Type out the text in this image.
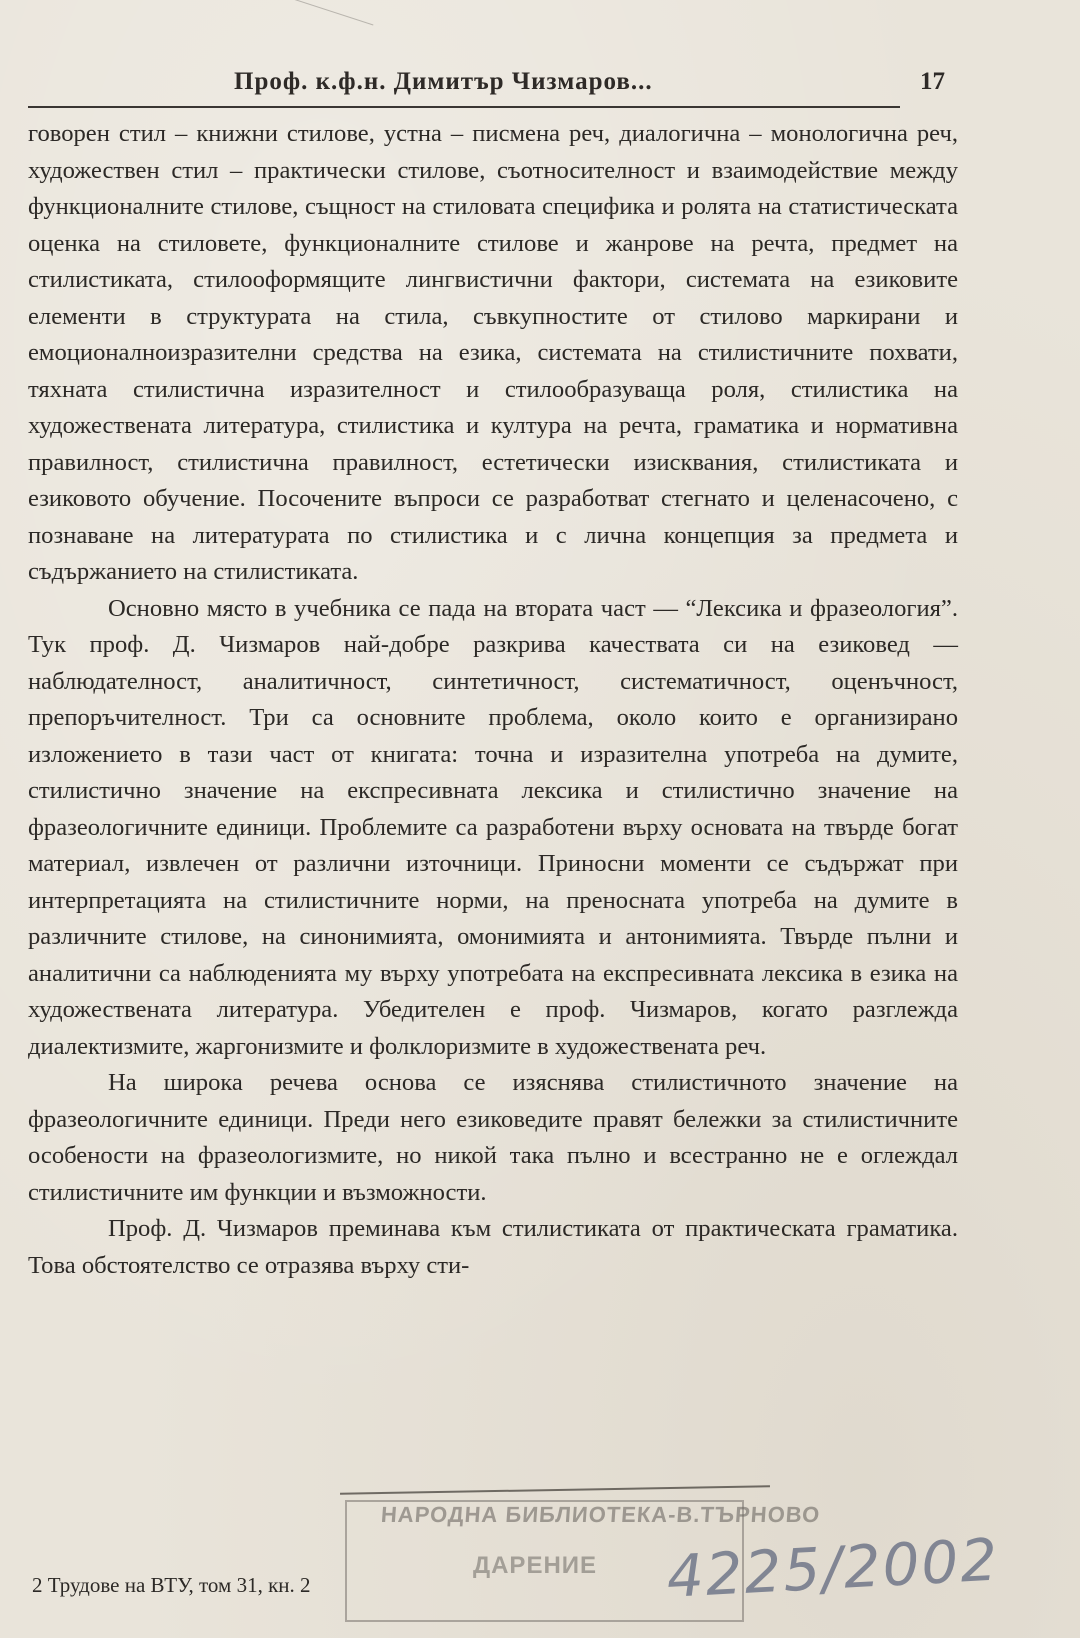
Проф. к.ф.н. Димитър Чизмаров...	17

говорен стил – книжни стилове, устна – писмена реч, диалогична – монологична реч, художествен стил – практически стилове, съотносителност и взаимодействие между функционалните стилове, същност на стиловата специфика и ролята на статистическата оценка на стиловете, функционалните стилове и жанрове на речта, предмет на стилистиката, стилооформящите лингвистични фактори, системата на езиковите елементи в структурата на стила, съвкупностите от стилово маркирани и емоционалноизразителни средства на езика, системата на стилистичните похвати, тяхната стилистична изразителност и стилообразуваща роля, стилистика на художествената литература, стилистика и култура на речта, граматика и нормативна правилност, стилистична правилност, естетически изисквания, стилистиката и езиковото обучение. Посочените въпроси се разработват стегнато и целенасочено, с познаване на литературата по стилистика и с лична концепция за предмета и съдържанието на стилистиката.

Основно място в учебника се пада на втората част — “Лексика и фразеология”. Тук проф. Д. Чизмаров най-добре разкрива качествата си на езиковед — наблюдателност, аналитичност, синтетичност, систематичност, оценъчност, препоръчителност. Три са основните проблема, около които е организирано изложението в тази част от книгата: точна и изразителна употреба на думите, стилистично значение на експресивната лексика и стилистично значение на фразеологичните единици. Проблемите са разработени върху основата на твърде богат материал, извлечен от различни източници. Приносни моменти се съдържат при интерпретацията на стилистичните норми, на преносната употреба на думите в различните стилове, на синонимията, омонимията и антонимията. Твърде пълни и аналитични са наблюденията му върху употребата на експресивната лексика в езика на художествената литература. Убедителен е проф. Чизмаров, когато разглежда диалектизмите, жаргонизмите и фолклоризмите в художествената реч.

На широка речева основа се изяснява стилистичното значение на фразеологичните единици. Преди него езиковедите правят бележки за стилистичните особености на фразеологизмите, но никой така пълно и всестранно не е оглеждал стилистичните им функции и възможности.

Проф. Д. Чизмаров преминава към стилистиката от практическата граматика. Това обстоятелство се отразява върху сти-

НАРОДНА БИБЛИОТЕКА-В.ТЪРНОВО
ДАРЕНИЕ 4225/2002
2 Трудове на ВТУ, том 31, кн. 2
